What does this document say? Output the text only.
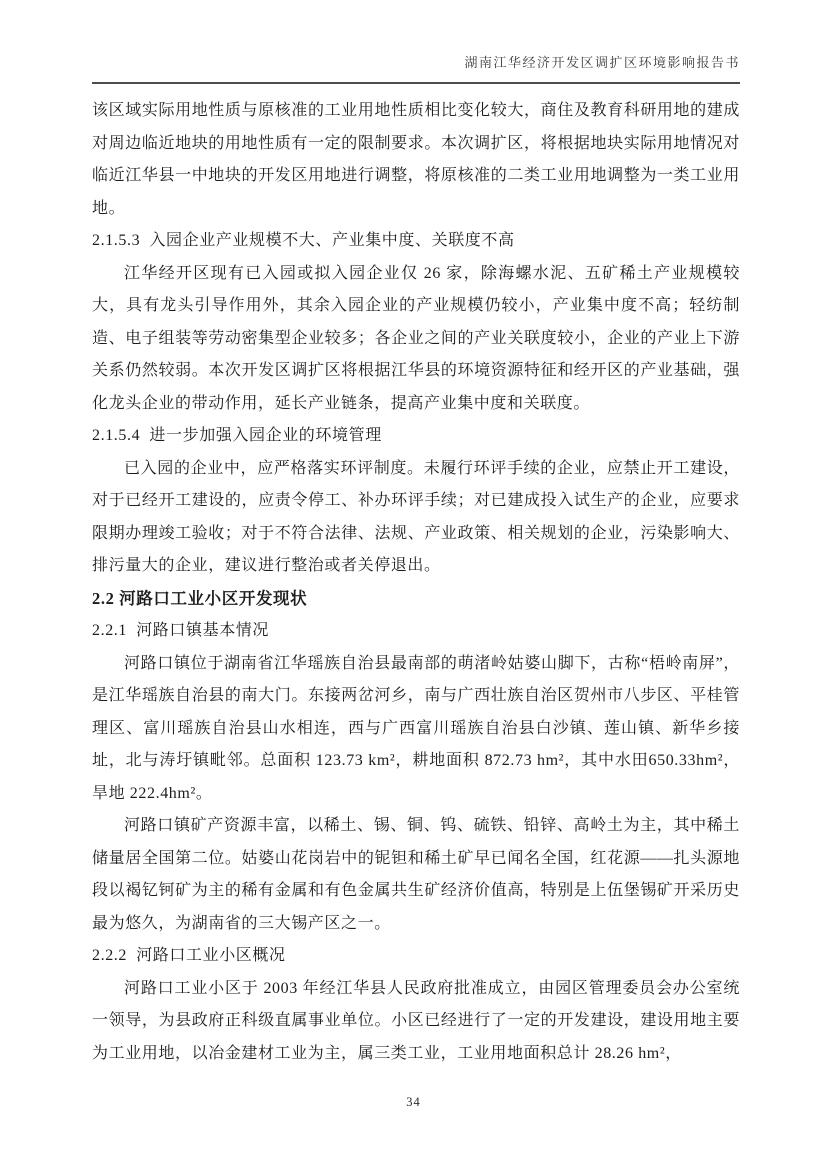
湖南江华经济开发区调扩区环境影响报告书

该区域实际用地性质与原核准的工业用地性质相比变化较大，商住及教育科研用地的建成对周边临近地块的用地性质有一定的限制要求。本次调扩区，将根据地块实际用地情况对临近江华县一中地块的开发区用地进行调整，将原核准的二类工业用地调整为一类工业用地。

2.1.5.3  入园企业产业规模不大、产业集中度、关联度不高

江华经开区现有已入园或拟入园企业仅 26 家，除海螺水泥、五矿稀土产业规模较大，具有龙头引导作用外，其余入园企业的产业规模仍较小，产业集中度不高；轻纺制造、电子组装等劳动密集型企业较多；各企业之间的产业关联度较小，企业的产业上下游关系仍然较弱。本次开发区调扩区将根据江华县的环境资源特征和经开区的产业基础，强化龙头企业的带动作用，延长产业链条，提高产业集中度和关联度。

2.1.5.4  进一步加强入园企业的环境管理

已入园的企业中，应严格落实环评制度。未履行环评手续的企业，应禁止开工建设，对于已经开工建设的，应责令停工、补办环评手续；对已建成投入试生产的企业，应要求限期办理竣工验收；对于不符合法律、法规、产业政策、相关规划的企业，污染影响大、排污量大的企业，建议进行整治或者关停退出。

2.2 河路口工业小区开发现状
2.2.1  河路口镇基本情况

河路口镇位于湖南省江华瑶族自治县最南部的萌渚岭姑婆山脚下，古称“梧岭南屏”，是江华瑶族自治县的南大门。东接两岔河乡，南与广西壮族自治区贺州市八步区、平桂管理区、富川瑶族自治县山水相连，西与广西富川瑶族自治县白沙镇、莲山镇、新华乡接址，北与涛圩镇毗邻。总面积 123.73 km²，耕地面积 872.73 hm²，其中水田650.33hm²，旱地 222.4hm²。

河路口镇矿产资源丰富，以稀土、锡、铜、钨、硫铁、铅锌、高岭土为主，其中稀土储量居全国第二位。姑婆山花岗岩中的铌钽和稀土矿早已闻名全国，红花源——扎头源地段以褐钇钶矿为主的稀有金属和有色金属共生矿经济价值高，特别是上伍堡锡矿开采历史最为悠久，为湖南省的三大锡产区之一。

2.2.2  河路口工业小区概况

河路口工业小区于 2003 年经江华县人民政府批准成立，由园区管理委员会办公室统一领导，为县政府正科级直属事业单位。小区已经进行了一定的开发建设，建设用地主要为工业用地，以冶金建材工业为主，属三类工业，工业用地面积总计 28.26 hm²，

34
